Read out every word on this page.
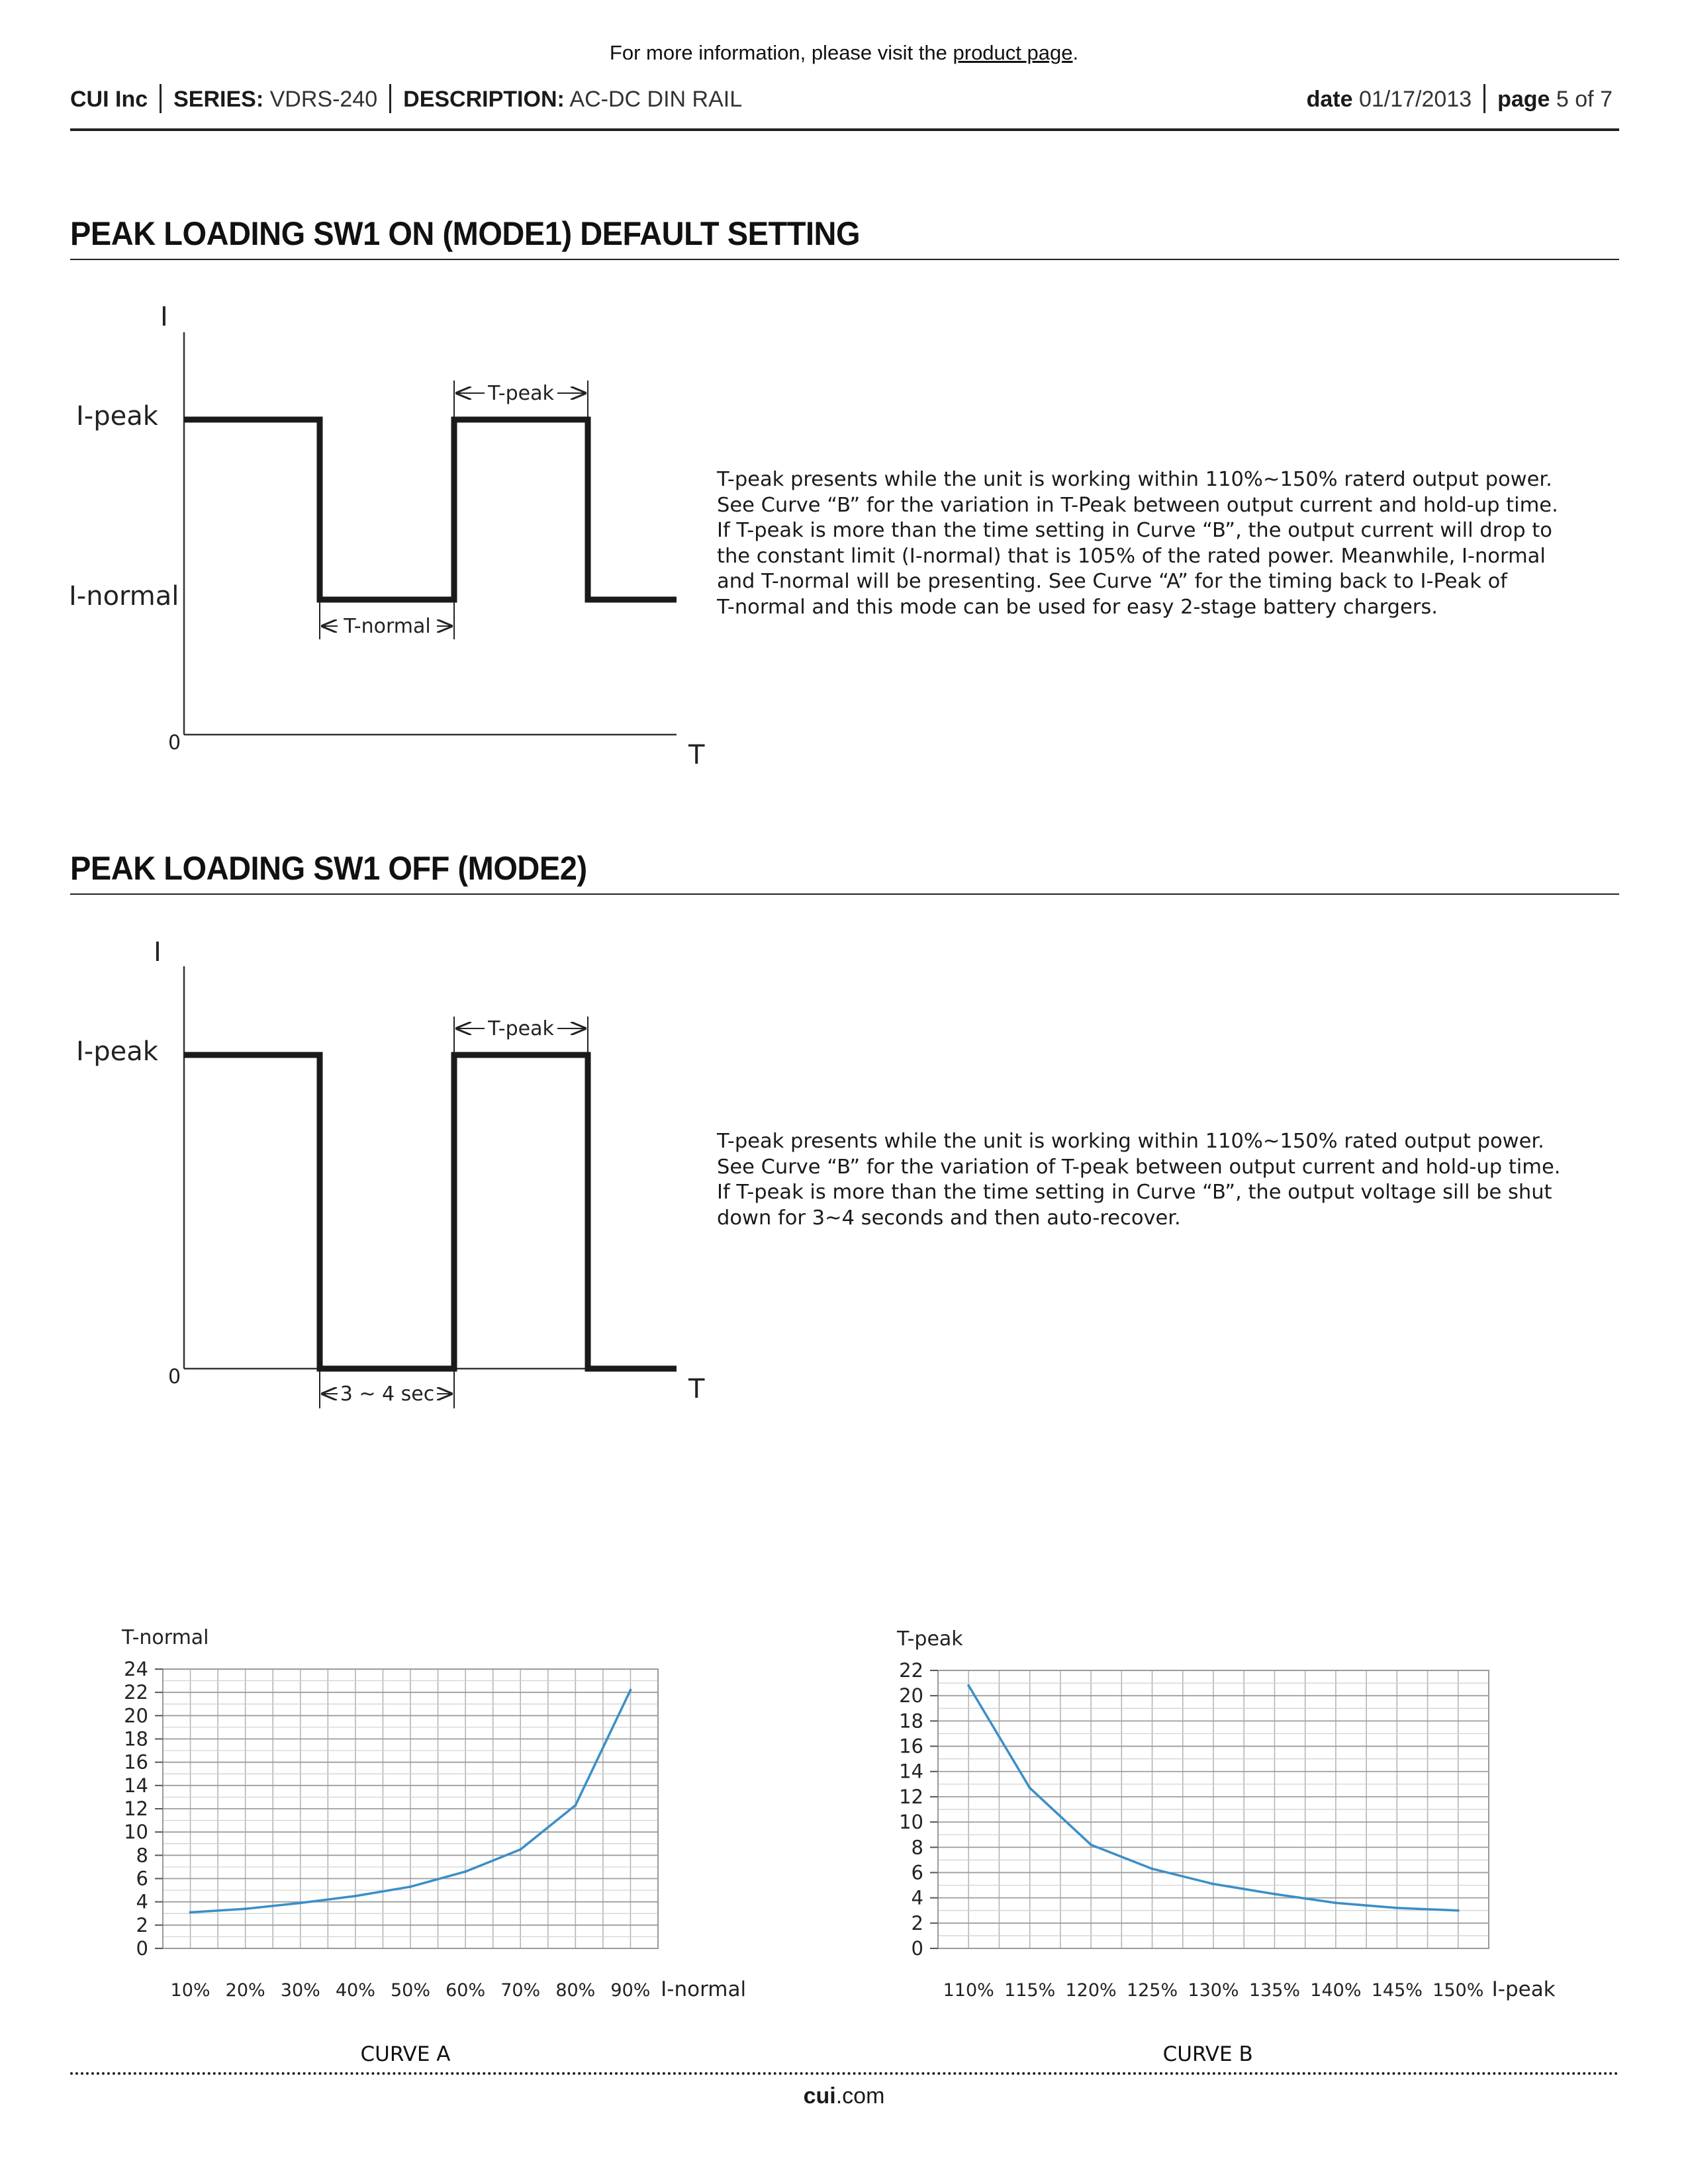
For more information, please visit the product page.
CUI Inc SERIES: VDRS-240 DESCRIPTION: AC-DC DIN RAIL	date 01/17/2013 page 5 of 7
PEAK LOADING SW1 ON (MODE1) DEFAULT SETTING
I
T
0
I-peak
I-normal
T-peak
T-normal
T-peak presents while the unit is working within 110%~150% raterd output power.
See Curve “B” for the variation in T-Peak between output current and hold-up time.
If T-peak is more than the time setting in Curve “B”, the output current will drop to
the constant limit (I-normal) that is 105% of the rated power. Meanwhile, I-normal
and T-normal will be presenting. See Curve “A” for the timing back to I-Peak of
T-normal and this mode can be used for easy 2-stage battery chargers.
PEAK LOADING SW1 OFF (MODE2)
I
T
0
I-peak
T-peak
3 ~ 4 sec
T-peak presents while the unit is working within 110%~150% rated output power.
See Curve “B” for the variation of T-peak between output current and hold-up time.
If T-peak is more than the time setting in Curve “B”, the output voltage sill be shut
down for 3~4 seconds and then auto-recover.
0
2
4
6
8
10
12
14
16
18
20
22
24
10% 20% 30% 40% 50% 60% 70% 80% 90%
T-normal
I-normal
CURVE A
0
2
4
6
8
10
12
14
16
18
20
22
110% 115% 120% 125% 130% 135% 140% 145% 150%
T-peak
I-peak
CURVE B
cui.com
